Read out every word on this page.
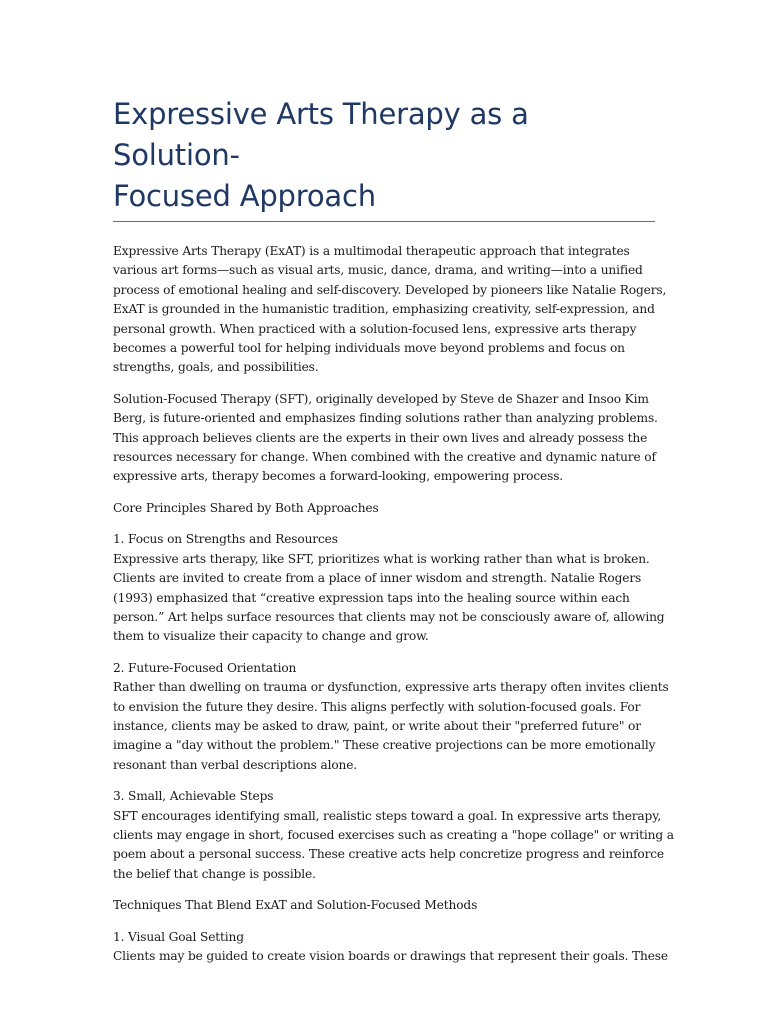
Expressive Arts Therapy as a Solution-
Focused Approach

Expressive Arts Therapy (ExAT) is a multimodal therapeutic approach that integrates
various art forms—such as visual arts, music, dance, drama, and writing—into a unified
process of emotional healing and self-discovery. Developed by pioneers like Natalie Rogers,
ExAT is grounded in the humanistic tradition, emphasizing creativity, self-expression, and
personal growth. When practiced with a solution-focused lens, expressive arts therapy
becomes a powerful tool for helping individuals move beyond problems and focus on
strengths, goals, and possibilities.

Solution-Focused Therapy (SFT), originally developed by Steve de Shazer and Insoo Kim
Berg, is future-oriented and emphasizes finding solutions rather than analyzing problems.
This approach believes clients are the experts in their own lives and already possess the
resources necessary for change. When combined with the creative and dynamic nature of
expressive arts, therapy becomes a forward-looking, empowering process.

Core Principles Shared by Both Approaches

1. Focus on Strengths and Resources
Expressive arts therapy, like SFT, prioritizes what is working rather than what is broken.
Clients are invited to create from a place of inner wisdom and strength. Natalie Rogers
(1993) emphasized that “creative expression taps into the healing source within each
person.” Art helps surface resources that clients may not be consciously aware of, allowing
them to visualize their capacity to change and grow.

2. Future-Focused Orientation
Rather than dwelling on trauma or dysfunction, expressive arts therapy often invites clients
to envision the future they desire. This aligns perfectly with solution-focused goals. For
instance, clients may be asked to draw, paint, or write about their "preferred future" or
imagine a "day without the problem." These creative projections can be more emotionally
resonant than verbal descriptions alone.

3. Small, Achievable Steps
SFT encourages identifying small, realistic steps toward a goal. In expressive arts therapy,
clients may engage in short, focused exercises such as creating a "hope collage" or writing a
poem about a personal success. These creative acts help concretize progress and reinforce
the belief that change is possible.

Techniques That Blend ExAT and Solution-Focused Methods

1. Visual Goal Setting
Clients may be guided to create vision boards or drawings that represent their goals. These
